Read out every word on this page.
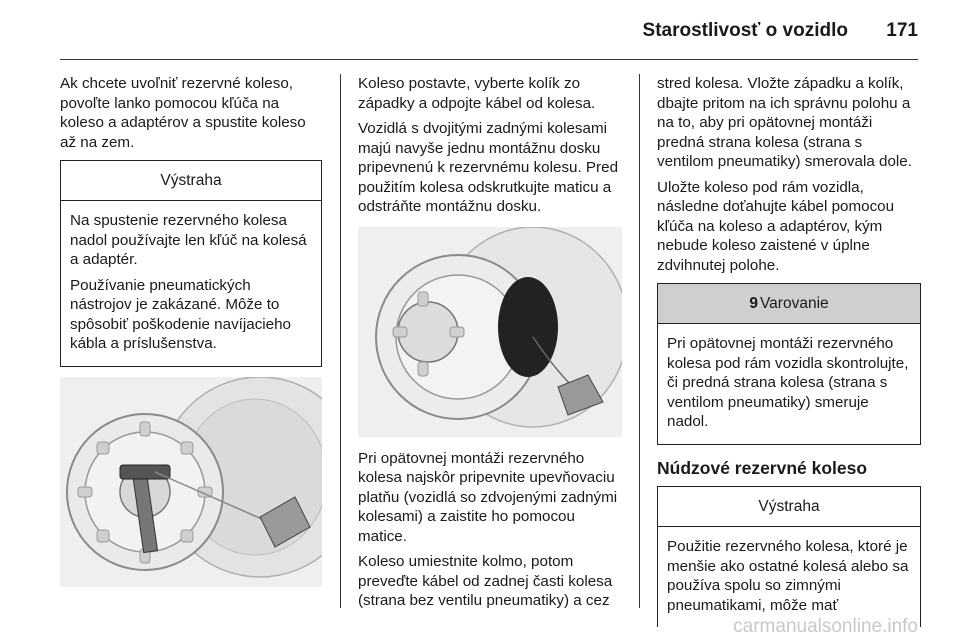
Starostlivosť o vozidlo 171

Ak chcete uvoľniť rezervné koleso, povoľte lanko pomocou kľúča na koleso a adaptérov a spustite koleso až na zem.

Výstraha

Na spustenie rezervného kolesa nadol používajte len kľúč na kolesá a adaptér.

Používanie pneumatických nástrojov je zakázané. Môže to spôsobiť poškodenie navíjacieho kábla a príslušenstva.

Koleso postavte, vyberte kolík zo západky a odpojte kábel od kolesa.

Vozidlá s dvojitými zadnými kolesami majú navyše jednu montážnu dosku pripevnenú k rezervnému kolesu. Pred použitím kolesa odskrutkujte maticu a odstráňte montážnu dosku.

Pri opätovnej montáži rezervného kolesa najskôr pripevnite upevňovaciu platňu (vozidlá so zdvojenými zadnými kolesami) a zaistite ho pomocou matice.

Koleso umiestnite kolmo, potom preveďte kábel od zadnej časti kolesa (strana bez ventilu pneumatiky) a cez

stred kolesa. Vložte západku a kolík, dbajte pritom na ich správnu polohu a na to, aby pri opätovnej montáži predná strana kolesa (strana s ventilom pneumatiky) smerovala dole.

Uložte koleso pod rám vozidla, následne doťahujte kábel pomocou kľúča na koleso a adaptérov, kým nebude koleso zaistené v úplne zdvihnutej polohe.

9 Varovanie

Pri opätovnej montáži rezervného kolesa pod rám vozidla skontrolujte, či predná strana kolesa (strana s ventilom pneumatiky) smeruje nadol.

Núdzové rezervné koleso
Výstraha

Použitie rezervného kolesa, ktoré je menšie ako ostatné kolesá alebo sa používa spolu so zimnými pneumatikami, môže mať

carmanualsonline.info
